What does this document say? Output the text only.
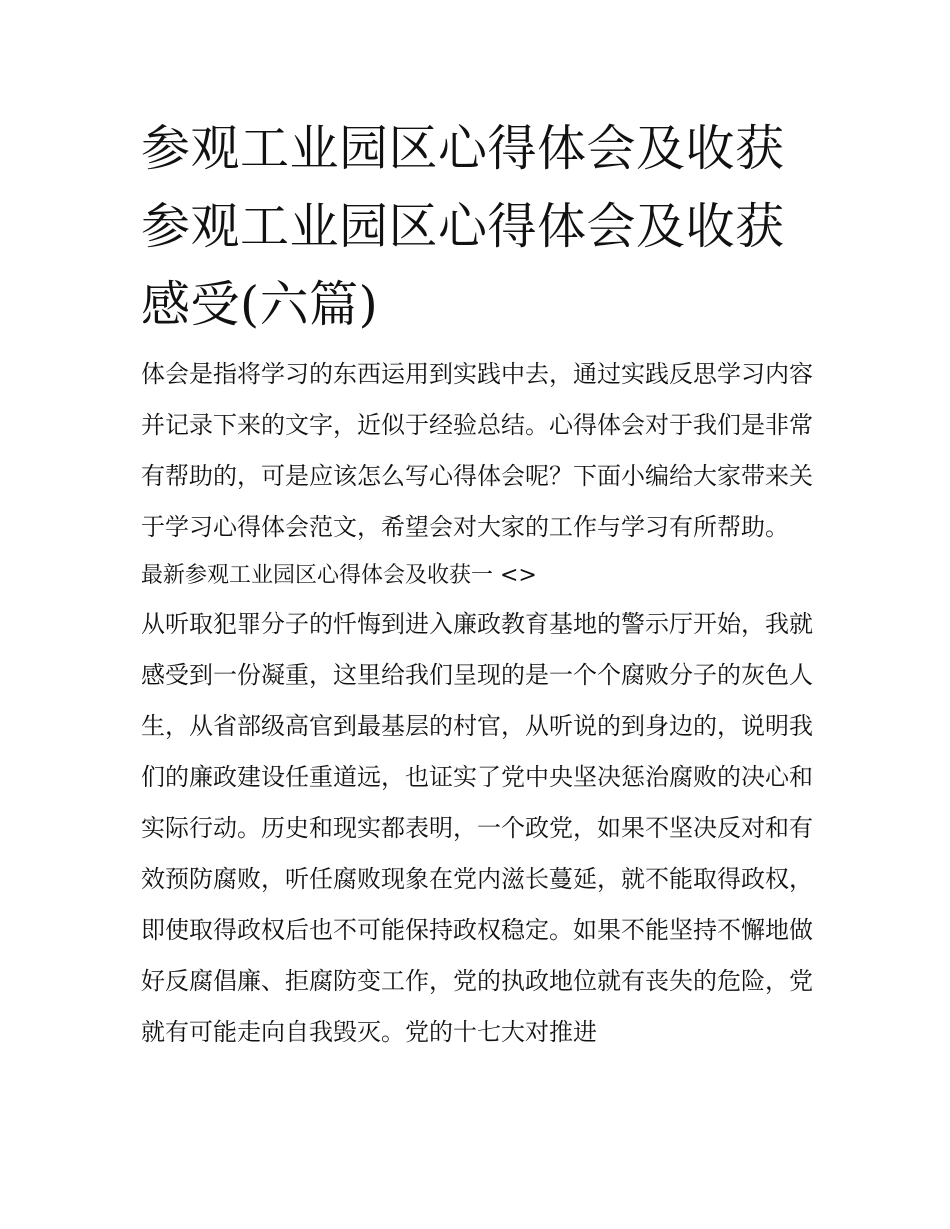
参观工业园区心得体会及收获参观工业园区心得体会及收获感受(六篇)

体会是指将学习的东西运用到实践中去，通过实践反思学习内容并记录下来的文字，近似于经验总结。心得体会对于我们是非常有帮助的，可是应该怎么写心得体会呢？下面小编给大家带来关于学习心得体会范文，希望会对大家的工作与学习有所帮助。

最新参观工业园区心得体会及收获一 <>

从听取犯罪分子的忏悔到进入廉政教育基地的警示厅开始，我就感受到一份凝重，这里给我们呈现的是一个个腐败分子的灰色人生，从省部级高官到最基层的村官，从听说的到身边的，说明我们的廉政建设任重道远，也证实了党中央坚决惩治腐败的决心和实际行动。历史和现实都表明，一个政党，如果不坚决反对和有效预防腐败，听任腐败现象在党内滋长蔓延，就不能取得政权，即使取得政权后也不可能保持政权稳定。如果不能坚持不懈地做好反腐倡廉、拒腐防变工作，党的执政地位就有丧失的危险，党就有可能走向自我毁灭。党的十七大对推进
